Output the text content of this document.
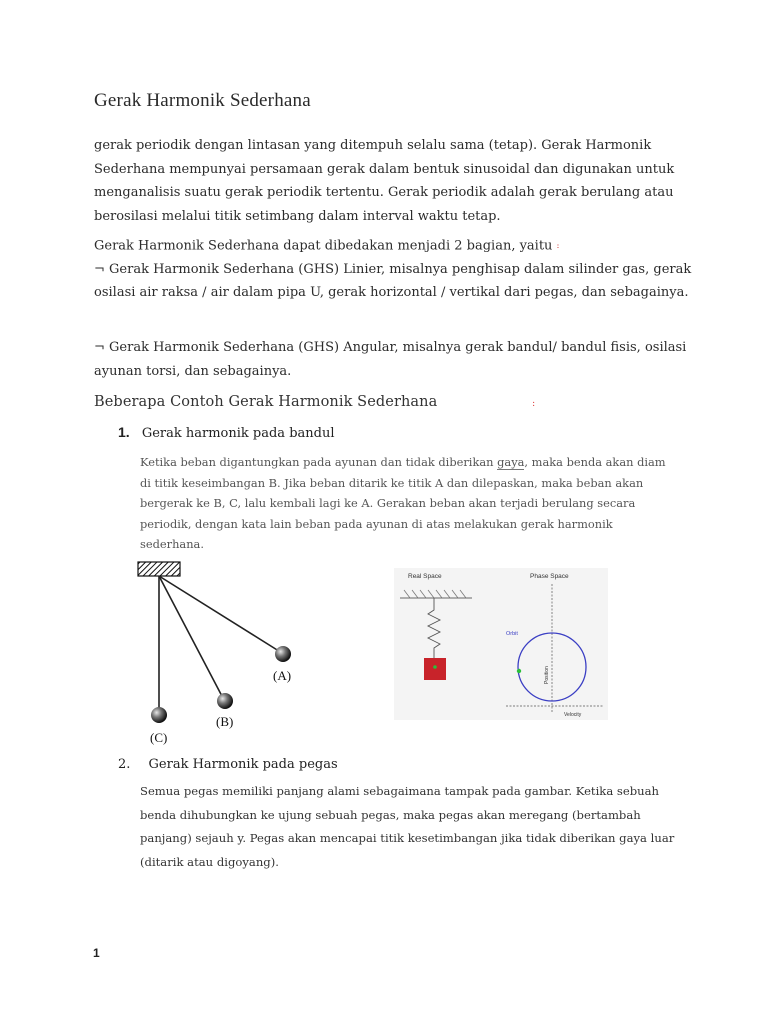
Gerak Harmonik Sederhana
gerak periodik dengan lintasan yang ditempuh selalu sama (tetap). Gerak Harmonik Sederhana mempunyai persamaan gerak dalam bentuk sinusoidal dan digunakan untuk menganalisis suatu gerak periodik tertentu. Gerak periodik adalah gerak berulang atau berosilasi melalui titik setimbang dalam interval waktu tetap.
Gerak Harmonik Sederhana dapat dibedakan menjadi 2 bagian, yaitu :
¬ Gerak Harmonik Sederhana (GHS) Linier, misalnya penghisap dalam silinder gas, gerak osilasi air raksa / air dalam pipa U, gerak horizontal / vertikal dari pegas, dan sebagainya.
¬ Gerak Harmonik Sederhana (GHS) Angular, misalnya gerak bandul/ bandul fisis, osilasi ayunan torsi, dan sebagainya.
Beberapa Contoh Gerak Harmonik Sederhana	:
1. Gerak harmonik pada bandul
Ketika beban digantungkan pada ayunan dan tidak diberikan gaya, maka benda akan diam di titik keseimbangan B. Jika beban ditarik ke titik A dan dilepaskan, maka beban akan bergerak ke B, C, lalu kembali lagi ke A. Gerakan beban akan terjadi berulang secara periodik, dengan kata lain beban pada ayunan di atas melakukan gerak harmonik sederhana.
(A)
(B)
(C)
Real Space	Phase Space
Orbit
Position
Velocity
2. Gerak Harmonik pada pegas
Semua pegas memiliki panjang alami sebagaimana tampak pada gambar. Ketika sebuah benda dihubungkan ke ujung sebuah pegas, maka pegas akan meregang (bertambah panjang) sejauh y. Pegas akan mencapai titik kesetimbangan jika tidak diberikan gaya luar (ditarik atau digoyang).
1
